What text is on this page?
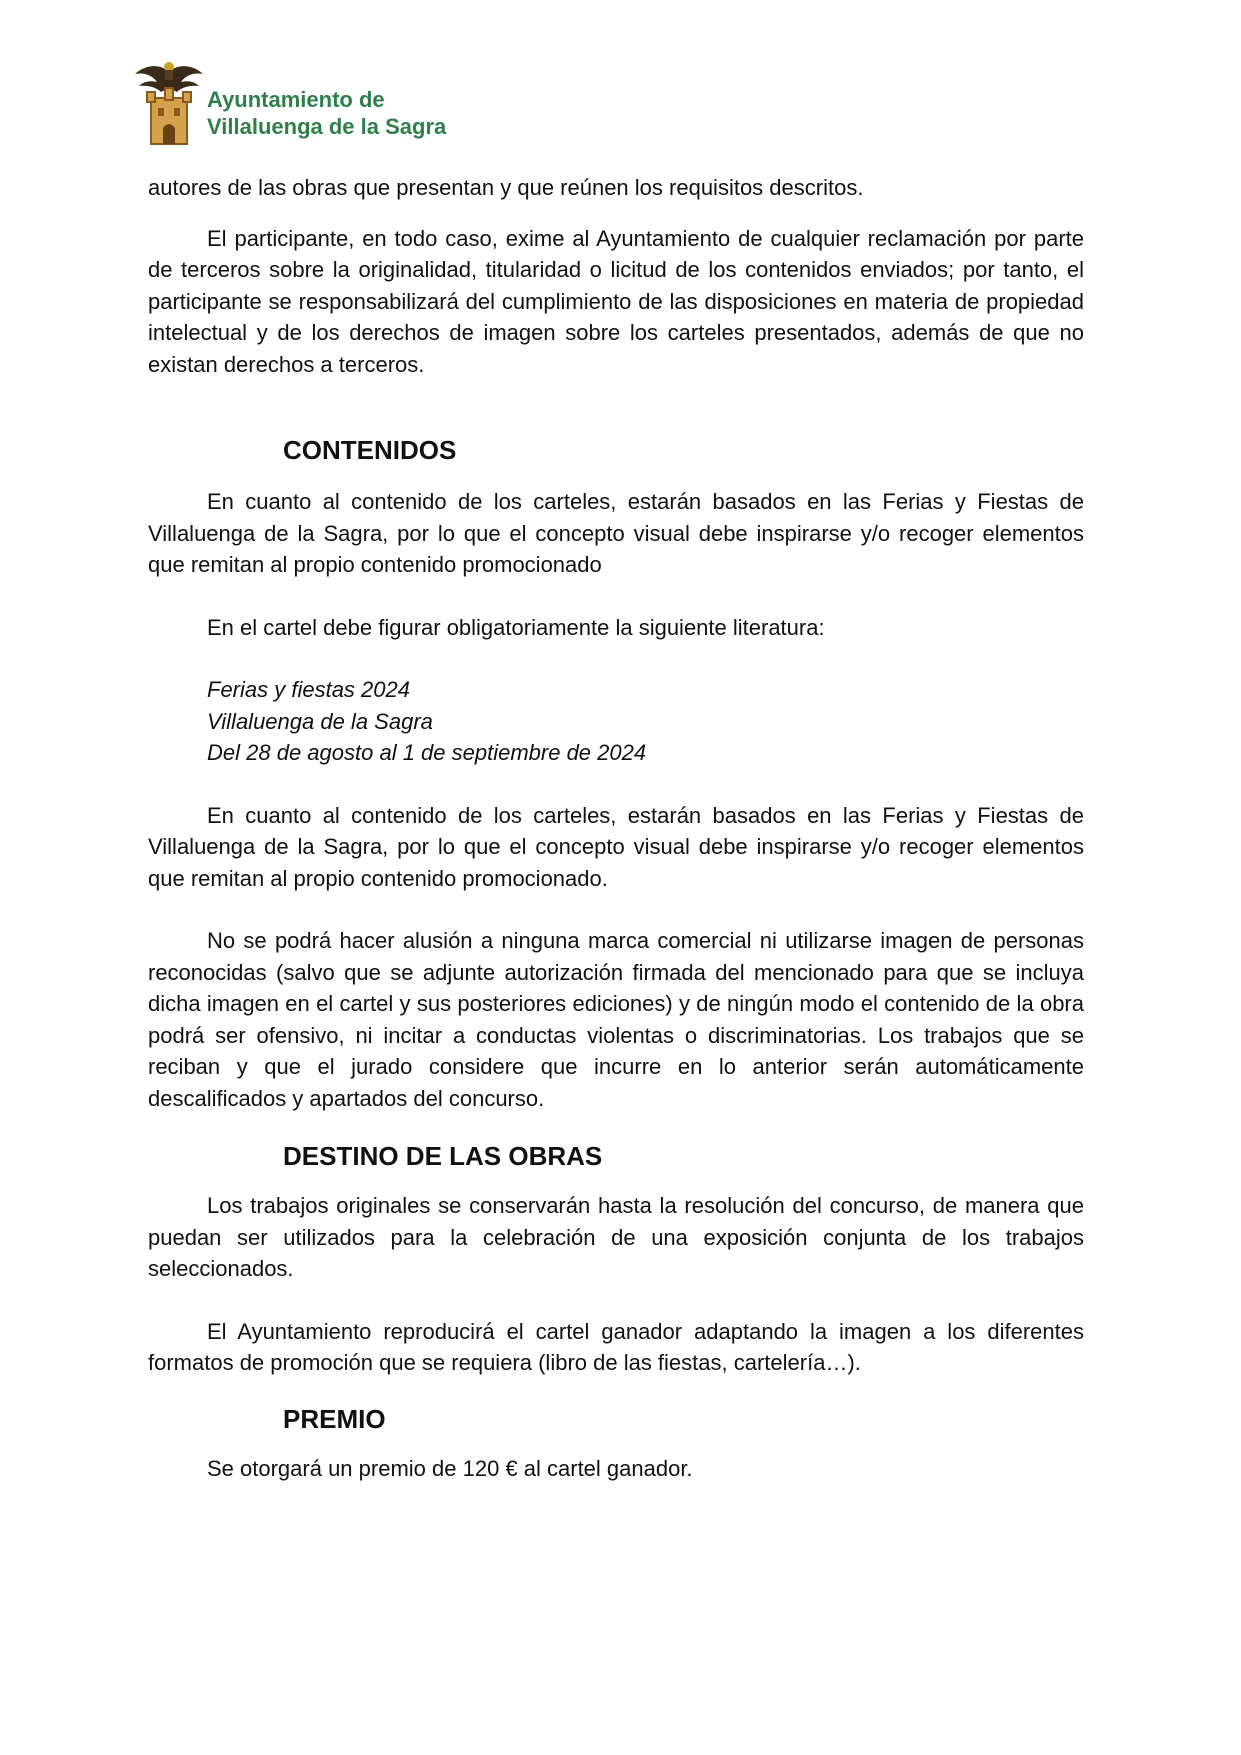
Ayuntamiento de
Villaluenga de la Sagra

autores de las obras que presentan y que reúnen los requisitos descritos.

El participante, en todo caso, exime al Ayuntamiento de cualquier reclamación por parte de terceros sobre la originalidad, titularidad o licitud de los contenidos enviados; por tanto, el participante se responsabilizará del cumplimiento de las disposiciones en materia de propiedad intelectual y de los derechos de imagen sobre los carteles presentados, además de que no existan derechos a terceros.

CONTENIDOS

En cuanto al contenido de los carteles, estarán basados en las Ferias y Fiestas de Villaluenga de la Sagra, por lo que el concepto visual debe inspirarse y/o recoger elementos que remitan al propio contenido promocionado

En el cartel debe figurar obligatoriamente la siguiente literatura:

Ferias y fiestas 2024
Villaluenga de la Sagra
Del 28 de agosto al 1 de septiembre de 2024

En cuanto al contenido de los carteles, estarán basados en las Ferias y Fiestas de Villaluenga de la Sagra, por lo que el concepto visual debe inspirarse y/o recoger elementos que remitan al propio contenido promocionado.

No se podrá hacer alusión a ninguna marca comercial ni utilizarse imagen de personas reconocidas (salvo que se adjunte autorización firmada del mencionado para que se incluya dicha imagen en el cartel y sus posteriores ediciones) y de ningún modo el contenido de la obra podrá ser ofensivo, ni incitar a conductas violentas o discriminatorias. Los trabajos que se reciban y que el jurado considere que incurre en lo anterior serán automáticamente descalificados y apartados del concurso.

DESTINO DE LAS OBRAS

Los trabajos originales se conservarán hasta la resolución del concurso, de manera que puedan ser utilizados para la celebración de una exposición conjunta de los trabajos seleccionados.

El Ayuntamiento reproducirá el cartel ganador adaptando la imagen a los diferentes formatos de promoción que se requiera (libro de las fiestas, cartelería…).

PREMIO

Se otorgará un premio de 120 € al cartel ganador.
